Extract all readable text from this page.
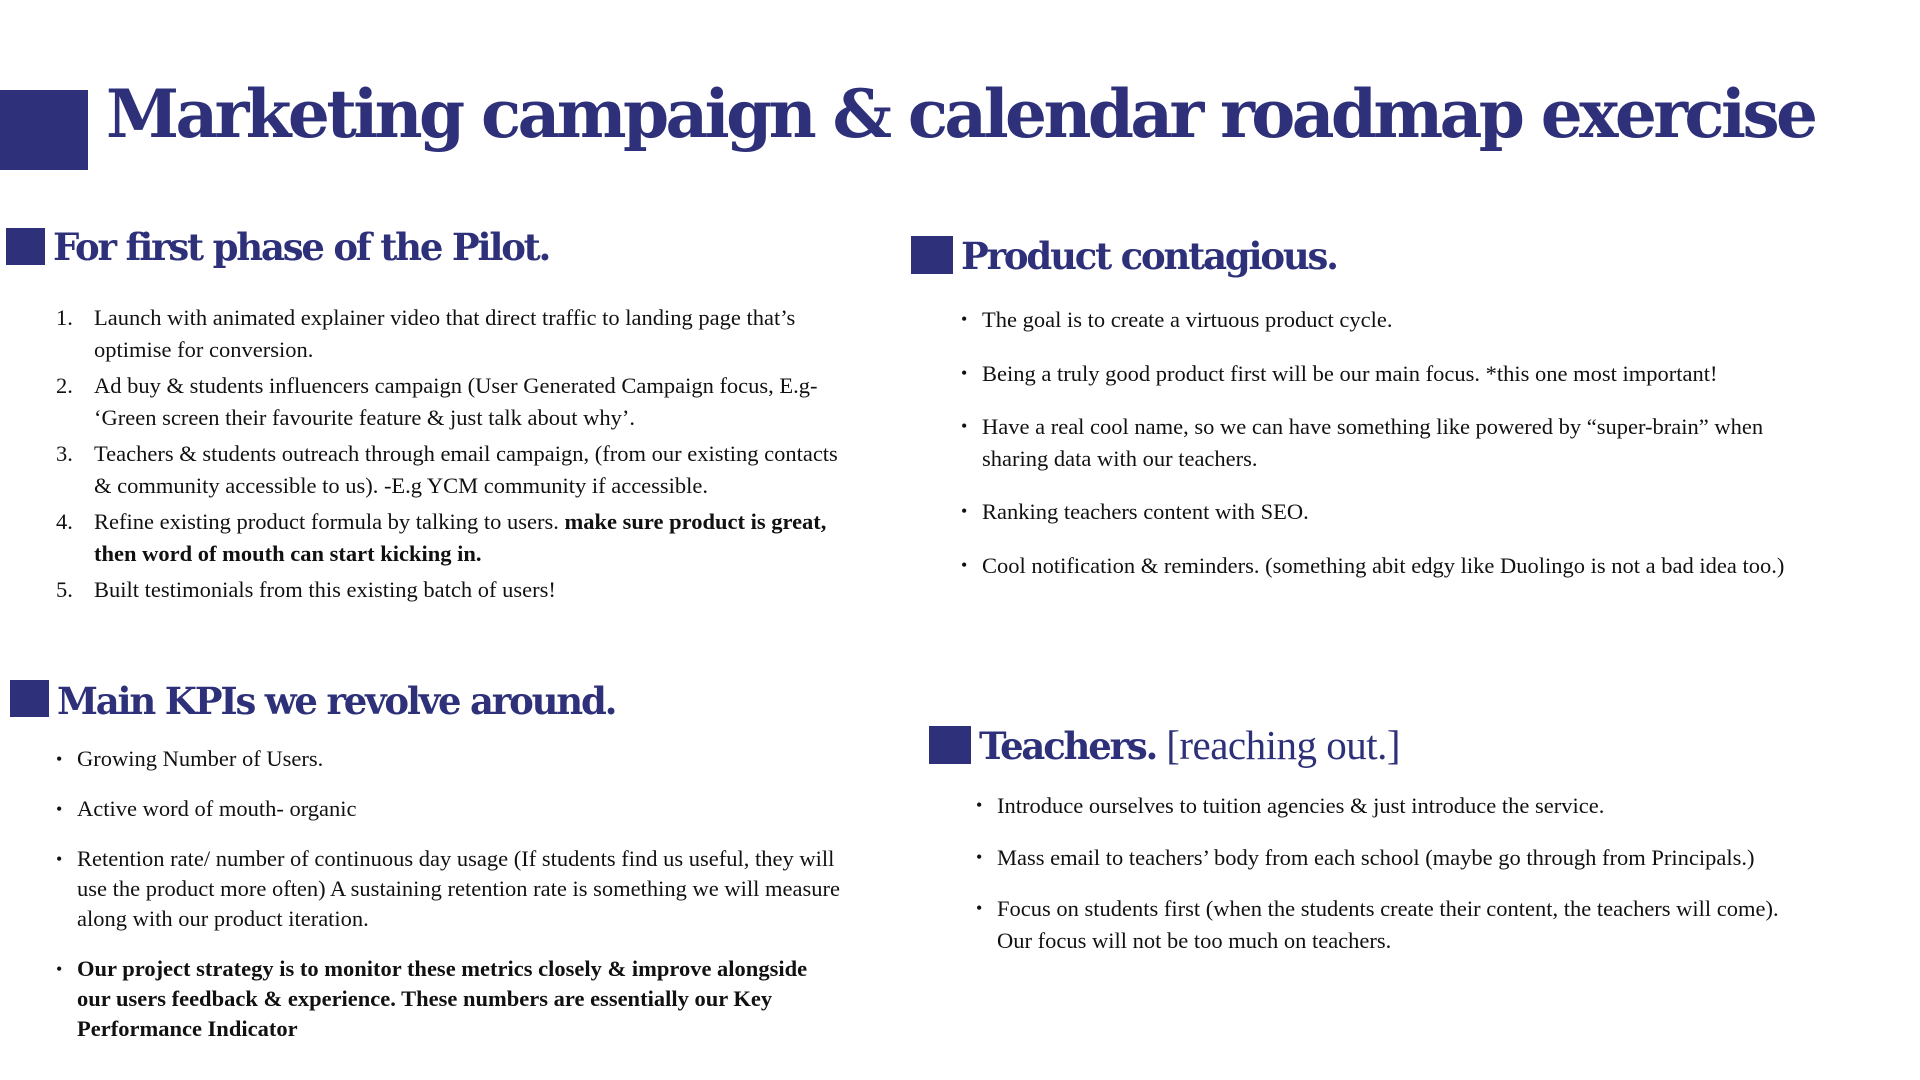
Marketing campaign & calendar roadmap exercise
For first phase of the Pilot.
1. Launch with animated explainer video that direct traffic to landing page that’s optimise for conversion.
2. Ad buy & students influencers campaign (User Generated Campaign focus, E.g- ‘Green screen their favourite feature & just talk about why’.
3. Teachers & students outreach through email campaign, (from our existing contacts & community accessible to us). -E.g YCM community if accessible.
4. Refine existing product formula by talking to users. make sure product is great, then word of mouth can start kicking in.
5. Built testimonials from this existing batch of users!
Main KPIs we revolve around.
• Growing Number of Users.
• Active word of mouth- organic
• Retention rate/ number of continuous day usage (If students find us useful, they will use the product more often) A sustaining retention rate is something we will measure along with our product iteration.
• Our project strategy is to monitor these metrics closely & improve alongside our users feedback & experience. These numbers are essentially our Key Performance Indicator
Product contagious.
• The goal is to create a virtuous product cycle.
• Being a truly good product first will be our main focus. *this one most important!
• Have a real cool name, so we can have something like powered by “super-brain” when sharing data with our teachers.
• Ranking teachers content with SEO.
• Cool notification & reminders. (something abit edgy like Duolingo is not a bad idea too.)
Teachers. [reaching out.]
• Introduce ourselves to tuition agencies & just introduce the service.
• Mass email to teachers’ body from each school (maybe go through from Principals.)
• Focus on students first (when the students create their content, the teachers will come). Our focus will not be too much on teachers.
